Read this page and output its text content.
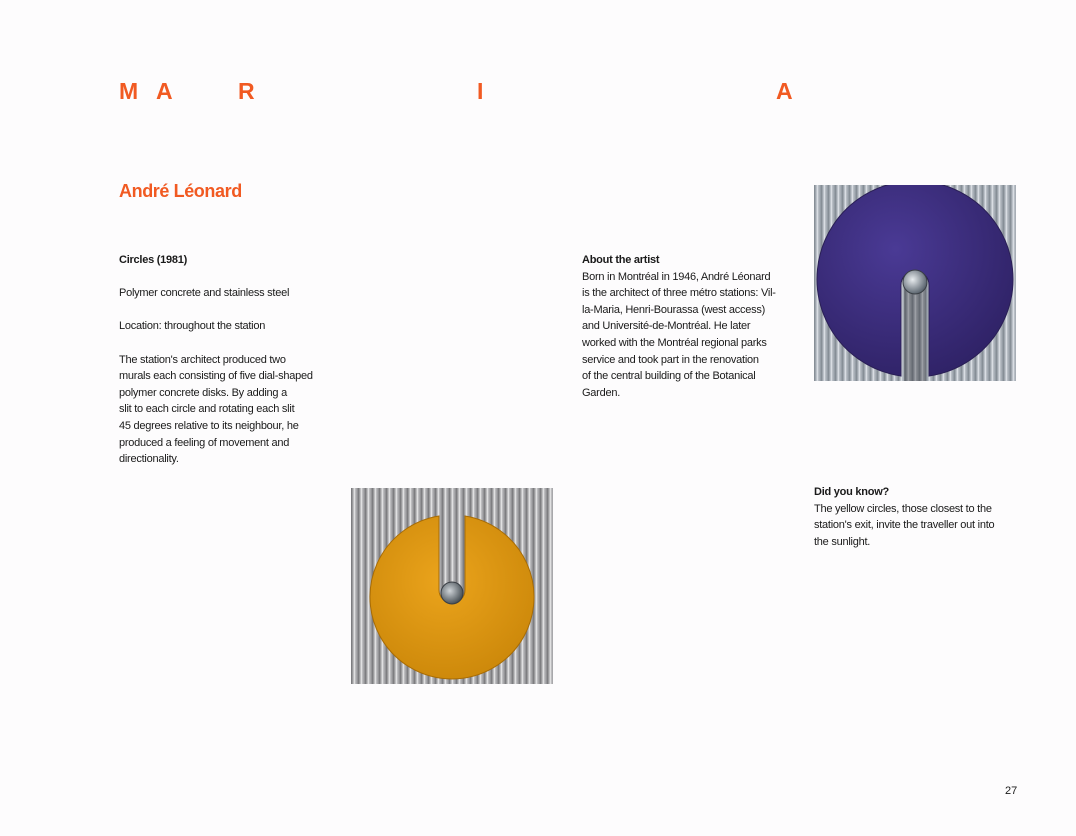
M A	R	I	A
André Léonard

Circles (1981)

Polymer concrete and stainless steel

Location: throughout the station

The station's architect produced two

murals each consisting of five dial-shaped

polymer concrete disks. By adding a

slit to each circle and rotating each slit

45 degrees relative to its neighbour, he

produced a feeling of movement and

directionality.

About the artist

Born in Montréal in 1946, André Léonard

is the architect of three métro stations: Vil-

la-Maria, Henri-Bourassa (west access)

and Université-de-Montréal. He later

worked with the Montréal regional parks

service and took part in the renovation

of the central building of the Botanical

Garden.

Did you know?

The yellow circles, those closest to the

station's exit, invite the traveller out into

the sunlight.

27
